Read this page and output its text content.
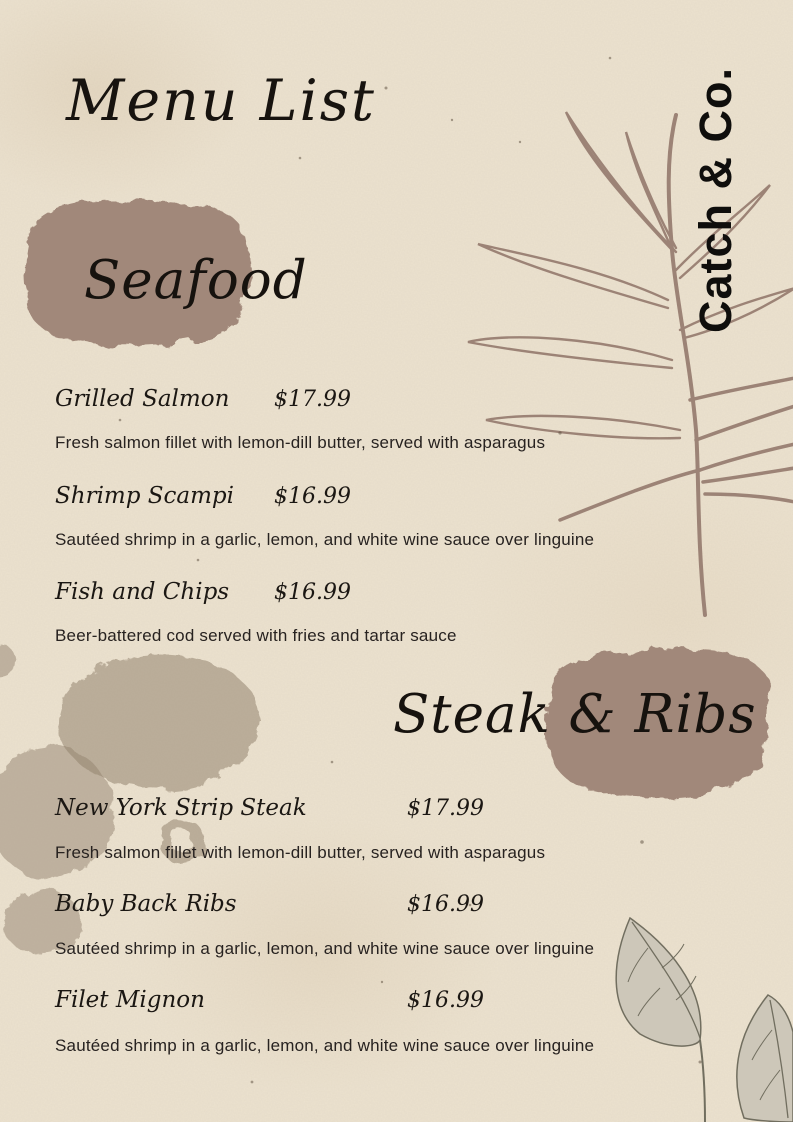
Menu List	Catch & Co.
Seafood
Grilled Salmon $17.99
Fresh salmon fillet with lemon-dill butter, served with asparagus
Shrimp Scampi $16.99
Sautéed shrimp in a garlic, lemon, and white wine sauce over linguine
Fish and Chips $16.99
Beer-battered cod served with fries and tartar sauce
Steak & Ribs
New York Strip Steak	$17.99
Fresh salmon fillet with lemon-dill butter, served with asparagus
Baby Back Ribs	$16.99
Sautéed shrimp in a garlic, lemon, and white wine sauce over linguine
Filet Mignon	$16.99
Sautéed shrimp in a garlic, lemon, and white wine sauce over linguine
